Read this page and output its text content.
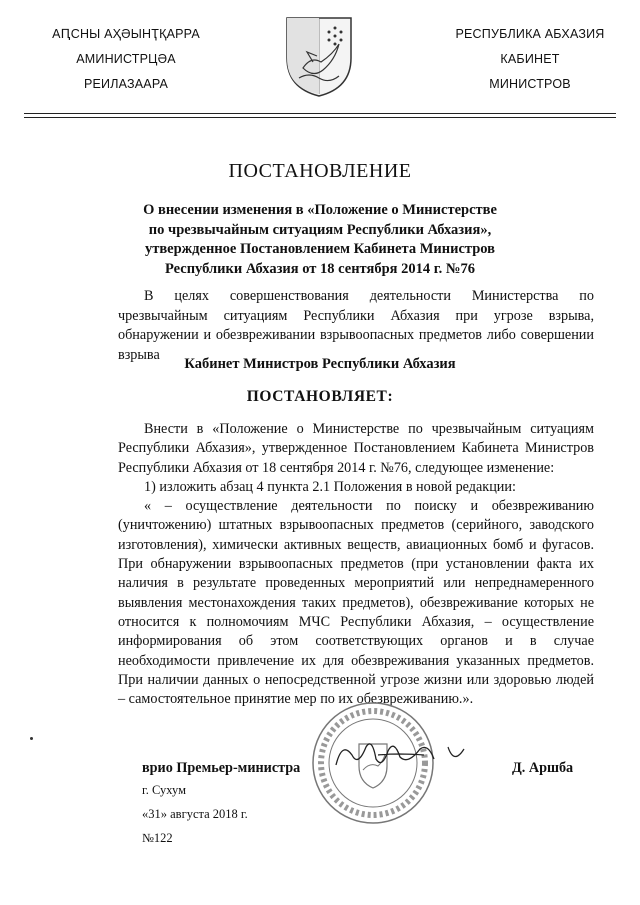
АԤСНЫ АҲӘЫНҬҚАРРА
АМИНИСТРЦӘА
РЕИЛАЗААРА
РЕСПУБЛИКА АБХАЗИЯ
КАБИНЕТ
МИНИСТРОВ
ПОСТАНОВЛЕНИЕ
О внесении изменения в «Положение о Министерстве
по чрезвычайным ситуациям Республики Абхазия»,
утвержденное Постановлением Кабинета Министров
Республики Абхазия от 18 сентября 2014 г. №76

В целях совершенствования деятельности Министерства по чрезвычайным ситуациям Республики Абхазия при угрозе взрыва, обнаружении и обезвреживании взрывоопасных предметов либо совершении взрыва

Кабинет Министров Республики Абхазия
ПОСТАНОВЛЯЕТ:

Внести в «Положение о Министерстве по чрезвычайным ситуациям Республики Абхазия», утвержденное Постановлением Кабинета Министров Республики Абхазия от 18 сентября 2014 г. №76, следующее изменение:

1) изложить абзац 4 пункта 2.1 Положения в новой редакции:

« – осуществление деятельности по поиску и обезвреживанию (уничтожению) штатных взрывоопасных предметов (серийного, заводского изготовления), химически активных веществ, авиационных бомб и фугасов. При обнаружении взрывоопасных предметов (при установлении факта их наличия в результате проведенных мероприятий или непреднамеренного выявления местонахождения таких предметов), обезвреживание которых не относится к полномочиям МЧС Республики Абхазия, – осуществление информирования об этом соответствующих органов и в случае необходимости привлечение их для обезвреживания указанных предметов. При наличии данных о непосредственной угрозе жизни или здоровью людей – самостоятельное принятие мер по их обезвреживанию.».

врио Премьер-министра	Д. Аршба
г. Сухум
«31» августа 2018 г.
№122
